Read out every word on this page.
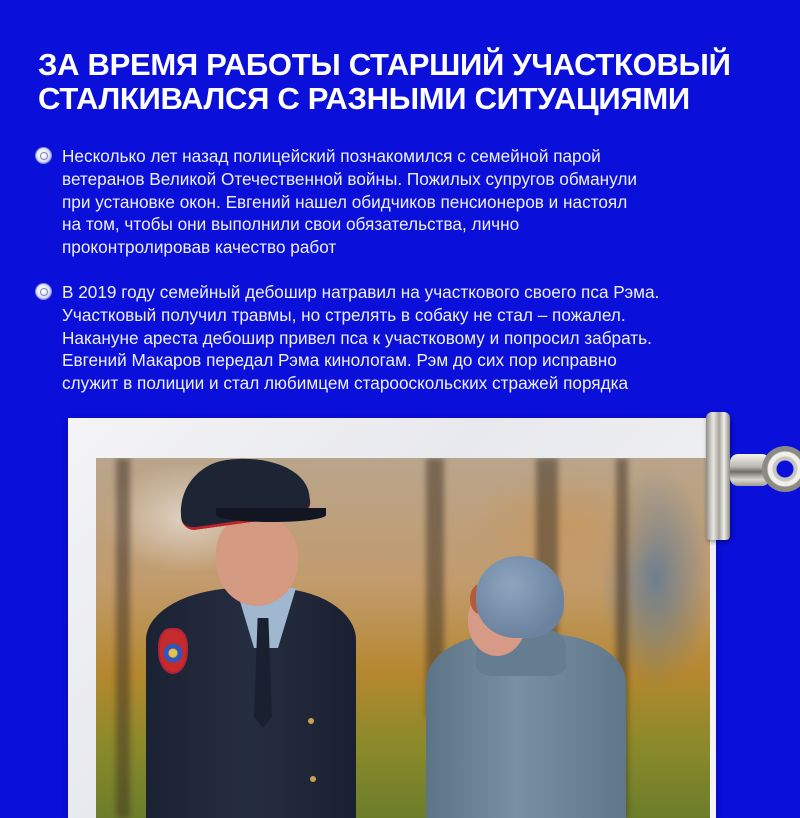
ЗА ВРЕМЯ РАБОТЫ СТАРШИЙ УЧАСТКОВЫЙ
СТАЛКИВАЛСЯ С РАЗНЫМИ СИТУАЦИЯМИ
Несколько лет назад полицейский познакомился с семейной парой
ветеранов Великой Отечественной войны. Пожилых супругов обманули
при установке окон. Евгений нашел обидчиков пенсионеров и настоял
на том, чтобы они выполнили свои обязательства, лично
проконтролировав качество работ
В 2019 году семейный дебошир натравил на участкового своего пса Рэма.
Участковый получил травмы, но стрелять в собаку не стал – пожалел.
Накануне ареста дебошир привел пса к участковому и попросил забрать.
Евгений Макаров передал Рэма кинологам. Рэм до сих пор исправно
служит в полиции и стал любимцем старооскольских стражей порядка
